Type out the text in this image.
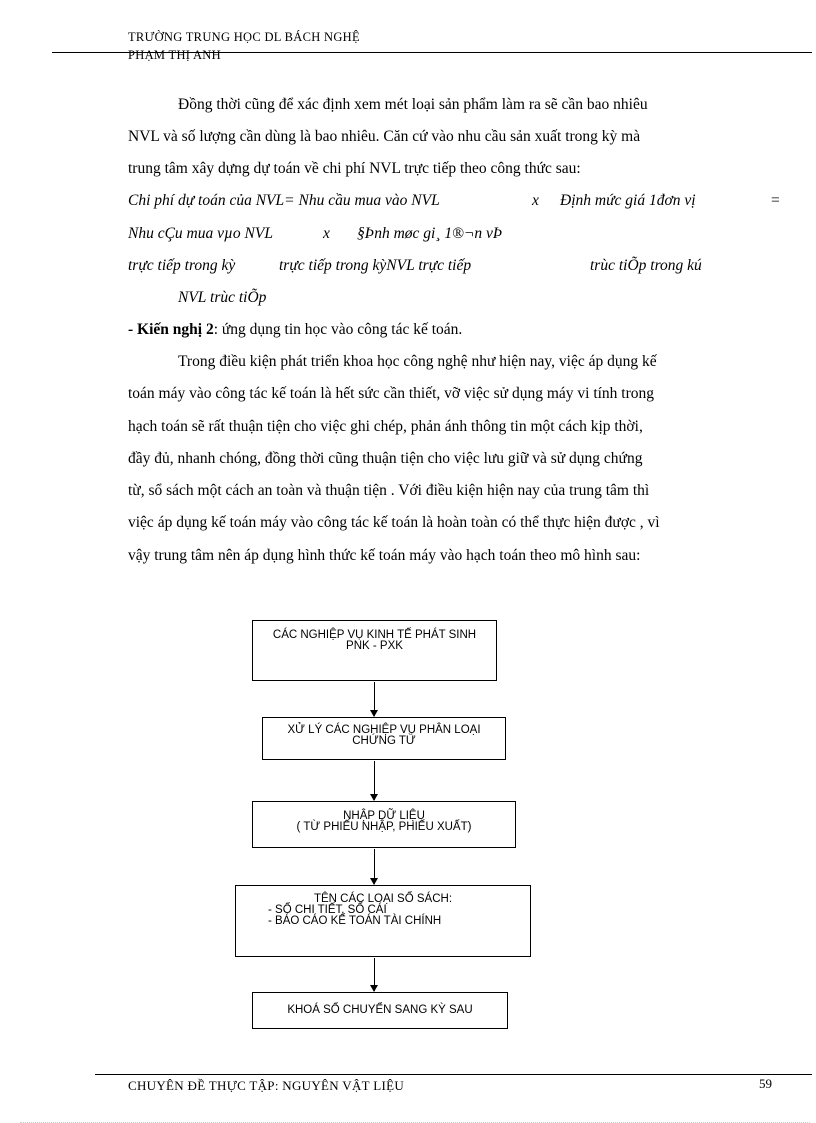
TRƯỜNG TRUNG HỌC DL BÁCH NGHỆ
PHẠM THỊ ANH
Đồng thời cũng để xác định xem mét loại sản phẩm làm ra sẽ cần bao nhiêu
NVL và số lượng cần dùng là bao nhiêu. Căn cứ vào nhu cầu sản xuất trong kỳ mà
trung tâm xây dựng dự toán về chi phí NVL trực tiếp theo công thức sau:
Chi phí dự toán của NVL= Nhu cầu mua vào NVL	x Định mức giá 1đơn vị	=
Nhu cÇu mua vµo NVL	x §Þnh møc gi¸ 1®¬n vÞ
trực tiếp trong kỳ	trực tiếp trong kỳNVL trực tiếp	trùc tiÕp trong kú
NVL trùc tiÕp
- Kiến nghị 2: ứng dụng tin học vào công tác kế toán.
Trong điều kiện phát triển khoa học công nghệ như hiện nay, việc áp dụng kế
toán máy vào công tác kế toán là hết sức cần thiết, vỡ việc sử dụng máy vi tính trong
hạch toán sẽ rất thuận tiện cho việc ghi chép, phản ánh thông tin một cách kịp thời,
đầy đủ, nhanh chóng, đồng thời cũng thuận tiện cho việc lưu giữ và sử dụng chứng
từ, sổ sách một cách an toàn và thuận tiện . Với điều kiện hiện nay của trung tâm thì
việc áp dụng kế toán máy vào công tác kế toán là hoàn toàn có thể thực hiện được , vì
vậy trung tâm nên áp dụng hình thức kế toán máy vào hạch toán theo mô hình sau:
CÁC NGHIỆP VỤ KINH TẾ PHÁT SINH
PNK - PXK
XỬ LÝ CÁC NGHIỆP VỤ PHÂN LOẠI
CHỨNG TỪ
NHẬP DỮ LIỆU
( TỪ PHIẾU NHẬP, PHIẾU XUẤT)
TÊN CÁC LOẠI SỔ SÁCH:
- SỔ CHI TIẾT, SỔ CÁI
- BÁO CÁO KẾ TOÁN TÀI CHÍNH
KHOÁ SỔ CHUYỂN SANG KỲ SAU
CHUYÊN ĐỀ THỰC TẬP: NGUYÊN VẬT LIỆU	59
